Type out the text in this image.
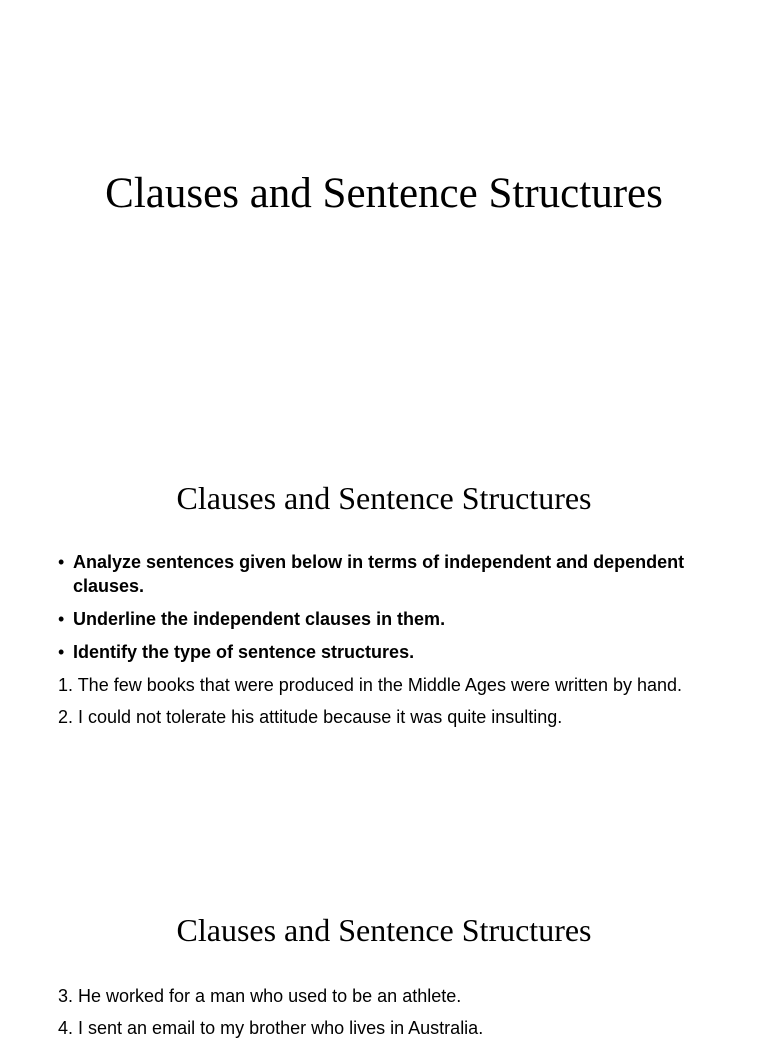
Clauses and Sentence Structures
Clauses and Sentence Structures
• Analyze sentences given below in terms of independent and dependent clauses.
• Underline the independent clauses in them.
• Identify the type of sentence structures.
1. The few books that were produced in the Middle Ages were written by hand.
2. I could not tolerate his attitude because it was quite insulting.
Clauses and Sentence Structures
3. He worked for a man who used to be an athlete.
4. I sent an email to my brother who lives in Australia.
